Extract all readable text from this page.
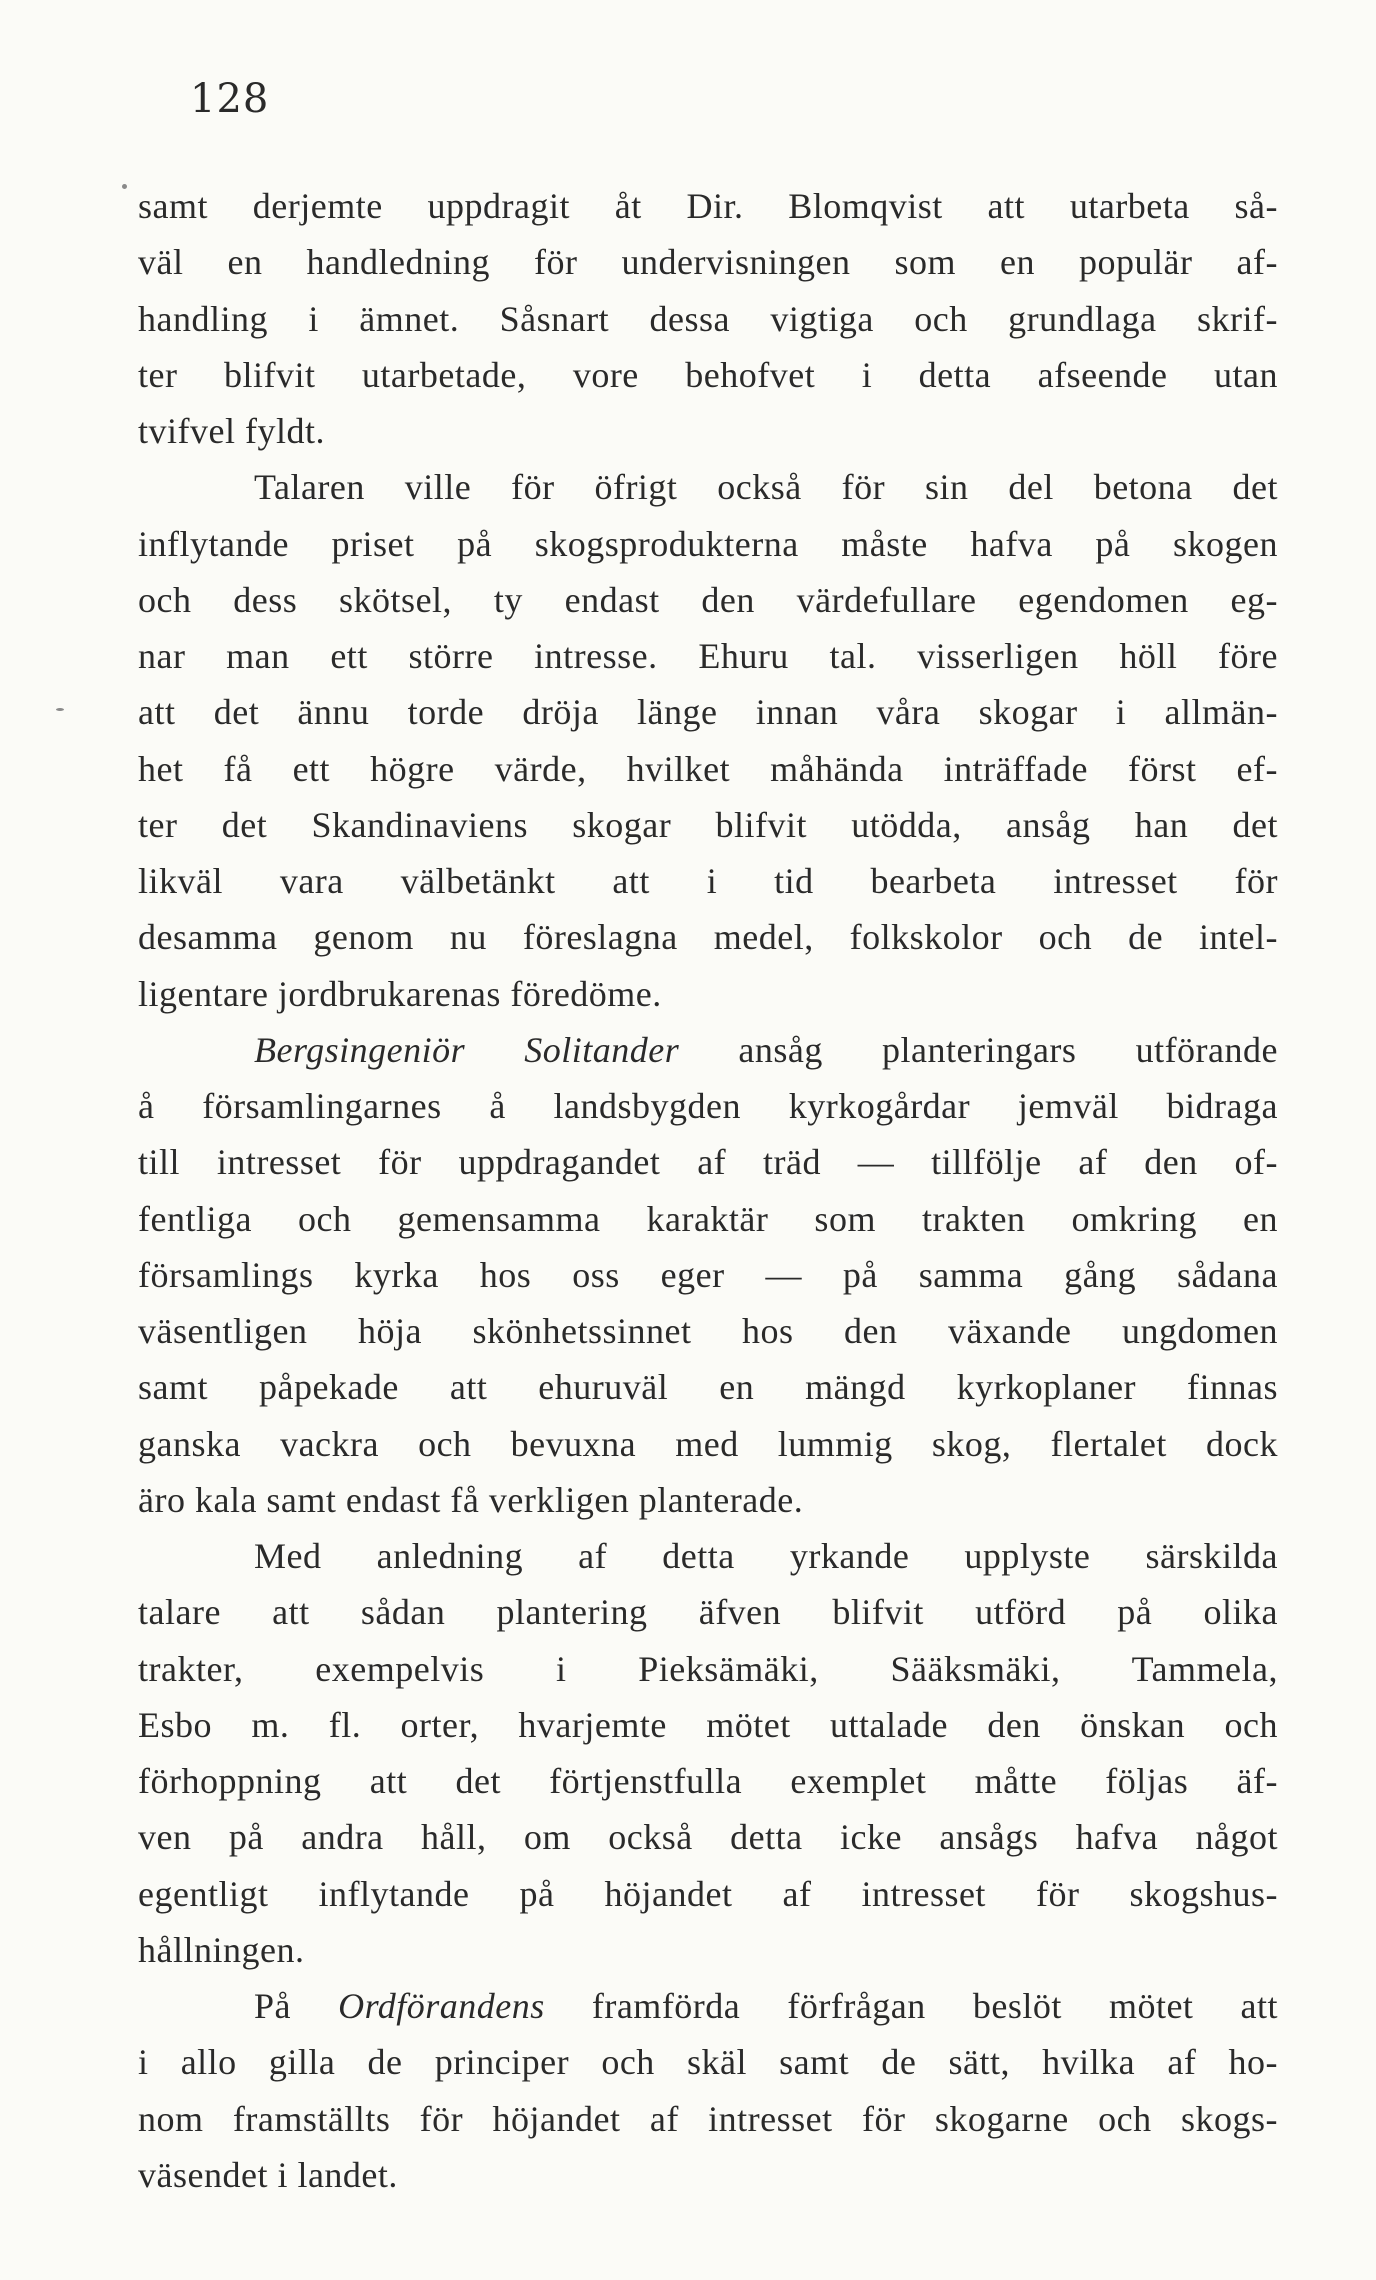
128
samt derjemte uppdragit åt Dir. Blomqvist att utarbeta så-
väl en handledning för undervisningen som en populär af-
handling i ämnet. Såsnart dessa vigtiga och grundlaga skrif-
ter blifvit utarbetade, vore behofvet i detta afseende utan
tvifvel fyldt.
Talaren ville för öfrigt också för sin del betona det
inflytande priset på skogsprodukterna måste hafva på skogen
och dess skötsel, ty endast den värdefullare egendomen eg-
nar man ett större intresse. Ehuru tal. visserligen höll före
att det ännu torde dröja länge innan våra skogar i allmän-
het få ett högre värde, hvilket måhända inträffade först ef-
ter det Skandinaviens skogar blifvit utödda, ansåg han det
likväl vara välbetänkt att i tid bearbeta intresset för
desamma genom nu föreslagna medel, folkskolor och de intel-
ligentare jordbrukarenas föredöme.
Bergsingeniör Solitander ansåg planteringars utförande
å församlingarnes å landsbygden kyrkogårdar jemväl bidraga
till intresset för uppdragandet af träd — tillfölje af den of-
fentliga och gemensamma karaktär som trakten omkring en
församlings kyrka hos oss eger — på samma gång sådana
väsentligen höja skönhetssinnet hos den växande ungdomen
samt påpekade att ehuruväl en mängd kyrkoplaner finnas
ganska vackra och bevuxna med lummig skog, flertalet dock
äro kala samt endast få verkligen planterade.
Med anledning af detta yrkande upplyste särskilda
talare att sådan plantering äfven blifvit utförd på olika
trakter, exempelvis i Pieksämäki, Sääksmäki, Tammela,
Esbo m. fl. orter, hvarjemte mötet uttalade den önskan och
förhoppning att det förtjenstfulla exemplet måtte följas äf-
ven på andra håll, om också detta icke ansågs hafva något
egentligt inflytande på höjandet af intresset för skogshus-
hållningen.
På Ordförandens framförda förfrågan beslöt mötet att
i allo gilla de principer och skäl samt de sätt, hvilka af ho-
nom framställts för höjandet af intresset för skogarne och skogs-
väsendet i landet.
